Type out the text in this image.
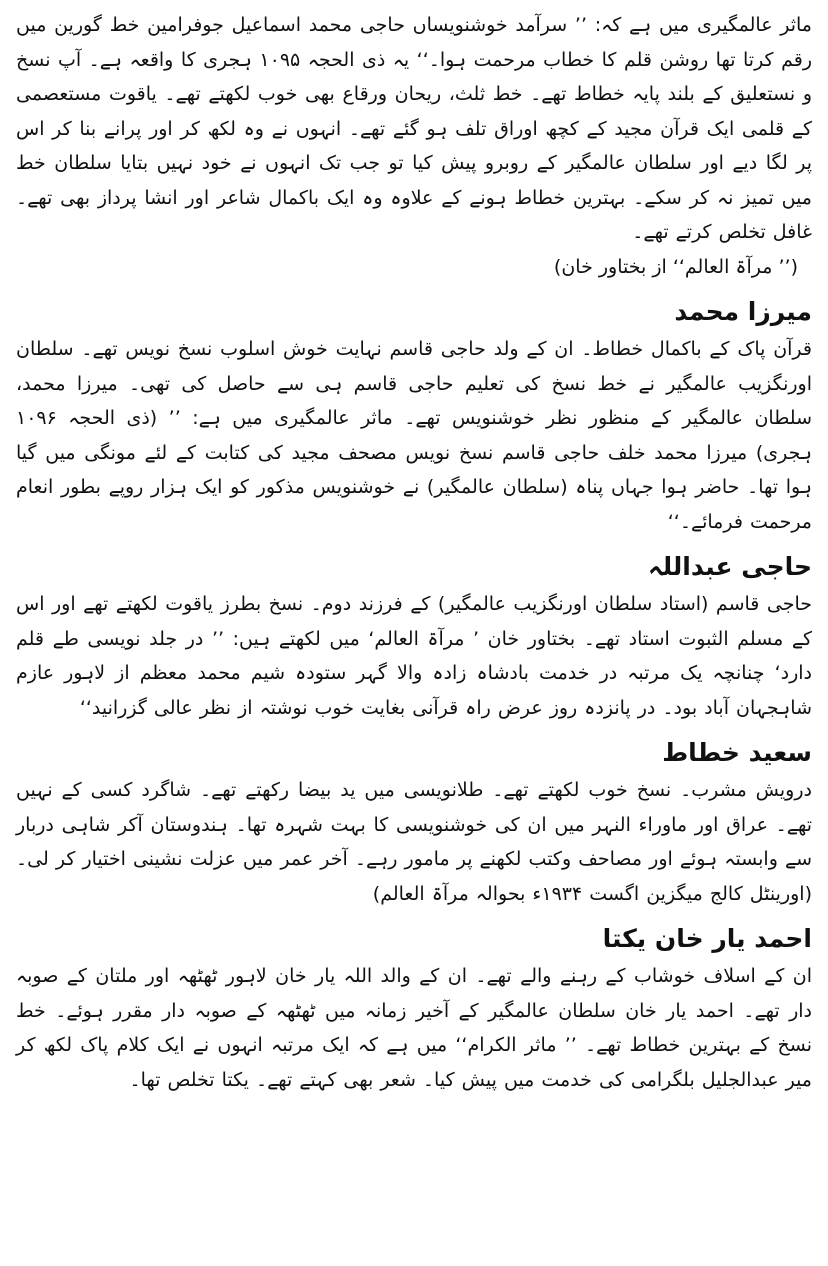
ماثر عالمگیری میں ہے کہ: ’’ سرآمد خوشنویساں حاجی محمد اسماعیل جوفرامین خط گورین میں رقم کرتا تھا روشن قلم کا خطاب مرحمت ہوا۔‘‘ یہ ذی الحجہ ۱۰۹۵ ہجری کا واقعہ ہے۔ آپ نسخ و نستعلیق کے بلند پایہ خطاط تھے۔ خط ثلث، ریحان ورقاع بھی خوب لکھتے تھے۔ یاقوت مستعصمی کے قلمی ایک قرآن مجید کے کچھ اوراق تلف ہو گئے تھے۔ انہوں نے وہ لکھ کر اور پرانے بنا کر اس پر لگا دیے اور سلطان عالمگیر کے روبرو پیش کیا تو جب تک انہوں نے خود نہیں بتایا سلطان خط میں تمیز نہ کر سکے۔ بہترین خطاط ہونے کے علاوہ وہ ایک باکمال شاعر اور انشا پرداز بھی تھے۔ غافل تخلص کرتے تھے۔

(’’ مرآۃ العالم‘‘ از بختاور خان)

میرزا محمد

قرآن پاک کے باکمال خطاط۔ ان کے ولد حاجی قاسم نہایت خوش اسلوب نسخ نویس تھے۔ سلطان اورنگزیب عالمگیر نے خط نسخ کی تعلیم حاجی قاسم ہی سے حاصل کی تھی۔ میرزا محمد، سلطان عالمگیر کے منظور نظر خوشنویس تھے۔ ماثر عالمگیری میں ہے: ’’ (ذی الحجہ ۱۰۹۶ ہجری) میرزا محمد خلف حاجی قاسم نسخ نویس مصحف مجید کی کتابت کے لئے مونگی میں گیا ہوا تھا۔ حاضر ہوا جہاں پناہ (سلطان عالمگیر) نے خوشنویس مذکور کو ایک ہزار روپے بطور انعام مرحمت فرمائے۔‘‘

حاجی عبداللہ

حاجی قاسم (استاد سلطان اورنگزیب عالمگیر) کے فرزند دوم۔ نسخ بطرز یاقوت لکھتے تھے اور اس کے مسلم الثبوت استاد تھے۔ بختاور خان ’ مرآۃ العالم‘ میں لکھتے ہیں: ’’ در جلد نویسی طے قلم دارد‘ چنانچہ یک مرتبہ در خدمت بادشاہ زادہ والا گہر ستودہ شیم محمد معظم از لاہور عازم شاہجہان آباد بود۔ در پانزدہ روز عرض راہ قرآنی بغایت خوب نوشتہ از نظر عالی گزرانید‘‘

سعید خطاط

درویش مشرب۔ نسخ خوب لکھتے تھے۔ طلانویسی میں ید بیضا رکھتے تھے۔ شاگرد کسی کے نہیں تھے۔ عراق اور ماوراء النہر میں ان کی خوشنویسی کا بہت شہرہ تھا۔ ہندوستان آکر شاہی دربار سے وابستہ ہوئے اور مصاحف وکتب لکھنے پر مامور رہے۔ آخر عمر میں عزلت نشینی اختیار کر لی۔ (اورینٹل کالج میگزین اگست ۱۹۳۴ء بحوالہ مرآۃ العالم)

احمد یار خان یکتا

ان کے اسلاف خوشاب کے رہنے والے تھے۔ ان کے والد اللہ یار خان لاہور ٹھٹھہ اور ملتان کے صوبہ دار تھے۔ احمد یار خان سلطان عالمگیر کے آخیر زمانہ میں ٹھٹھہ کے صوبہ دار مقرر ہوئے۔ خط نسخ کے بہترین خطاط تھے۔ ’’ ماثر الکرام‘‘ میں ہے کہ ایک مرتبہ انہوں نے ایک کلام پاک لکھ کر میر عبدالجلیل بلگرامی کی خدمت میں پیش کیا۔ شعر بھی کہتے تھے۔ یکتا تخلص تھا۔
